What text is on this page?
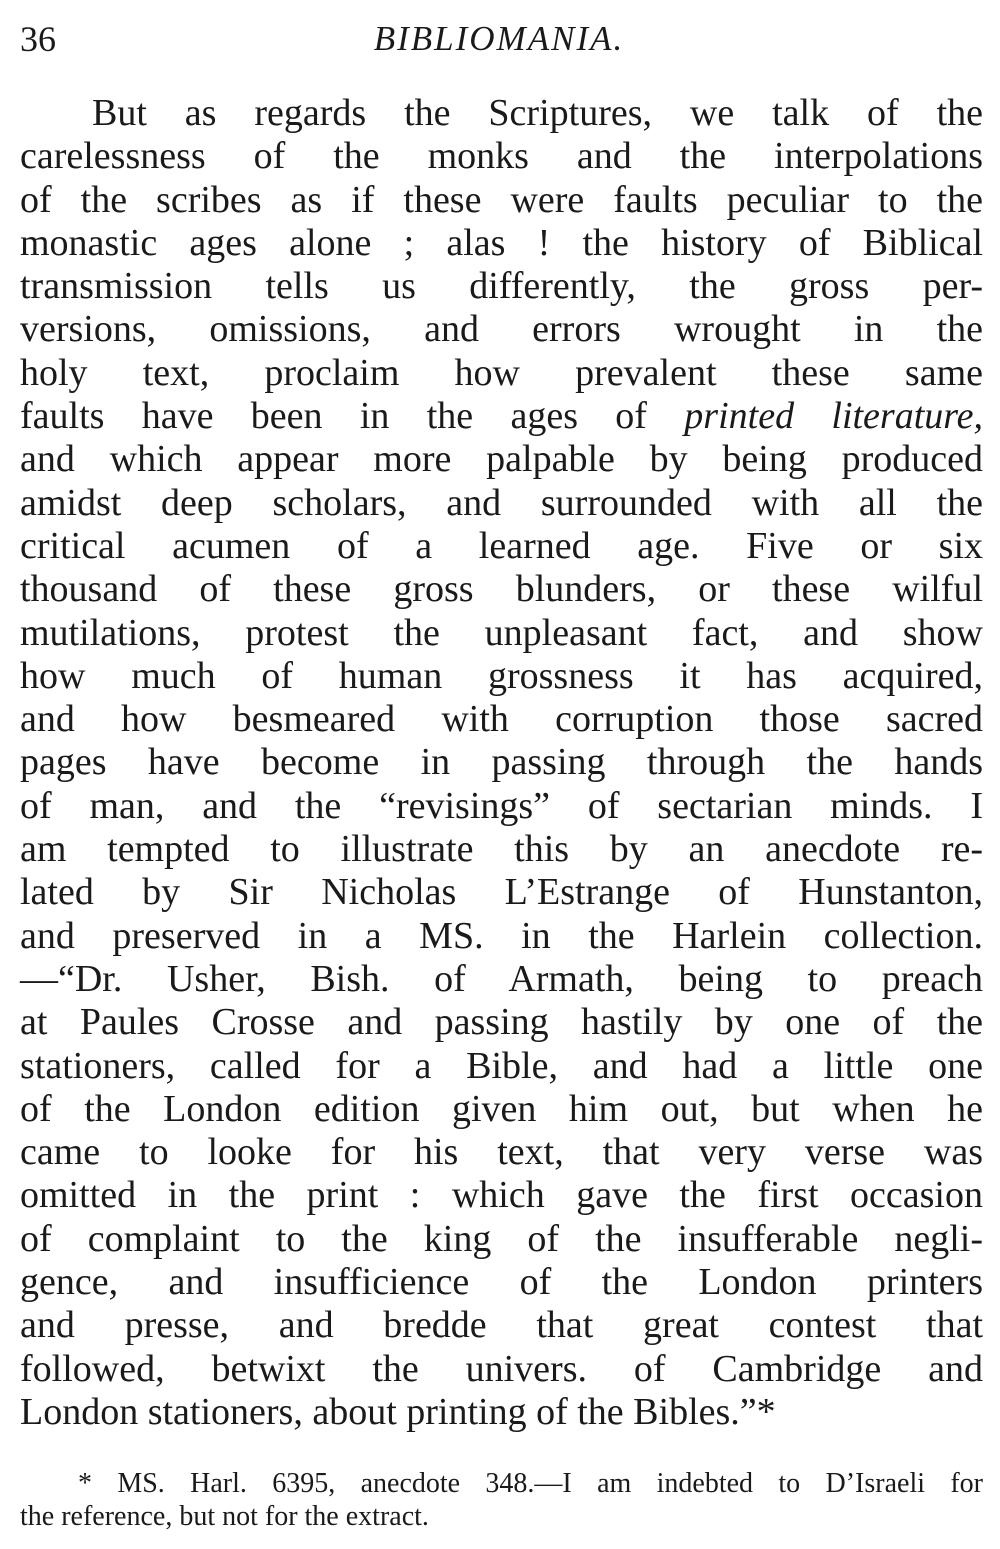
36	BIBLIOMANIA.
But as regards the Scriptures, we talk of the
carelessness of the monks and the interpolations
of the scribes as if these were faults peculiar to the
monastic ages alone ; alas ! the history of Biblical
transmission tells us differently, the gross per-
versions, omissions, and errors wrought in the
holy text, proclaim how prevalent these same
faults have been in the ages of printed literature,
and which appear more palpable by being produced
amidst deep scholars, and surrounded with all the
critical acumen of a learned age. Five or six
thousand of these gross blunders, or these wilful
mutilations, protest the unpleasant fact, and show
how much of human grossness it has acquired,
and how besmeared with corruption those sacred
pages have become in passing through the hands
of man, and the “revisings” of sectarian minds. I
am tempted to illustrate this by an anecdote re-
lated by Sir Nicholas L’Estrange of Hunstanton,
and preserved in a MS. in the Harlein collection.
—“Dr. Usher, Bish. of Armath, being to preach
at Paules Crosse and passing hastily by one of the
stationers, called for a Bible, and had a little one
of the London edition given him out, but when he
came to looke for his text, that very verse was
omitted in the print : which gave the first occasion
of complaint to the king of the insufferable negli-
gence, and insufficience of the London printers
and presse, and bredde that great contest that
followed, betwixt the univers. of Cambridge and
London stationers, about printing of the Bibles.”*
* MS. Harl. 6395, anecdote 348.—I am indebted to D’Israeli for
the reference, but not for the extract.
